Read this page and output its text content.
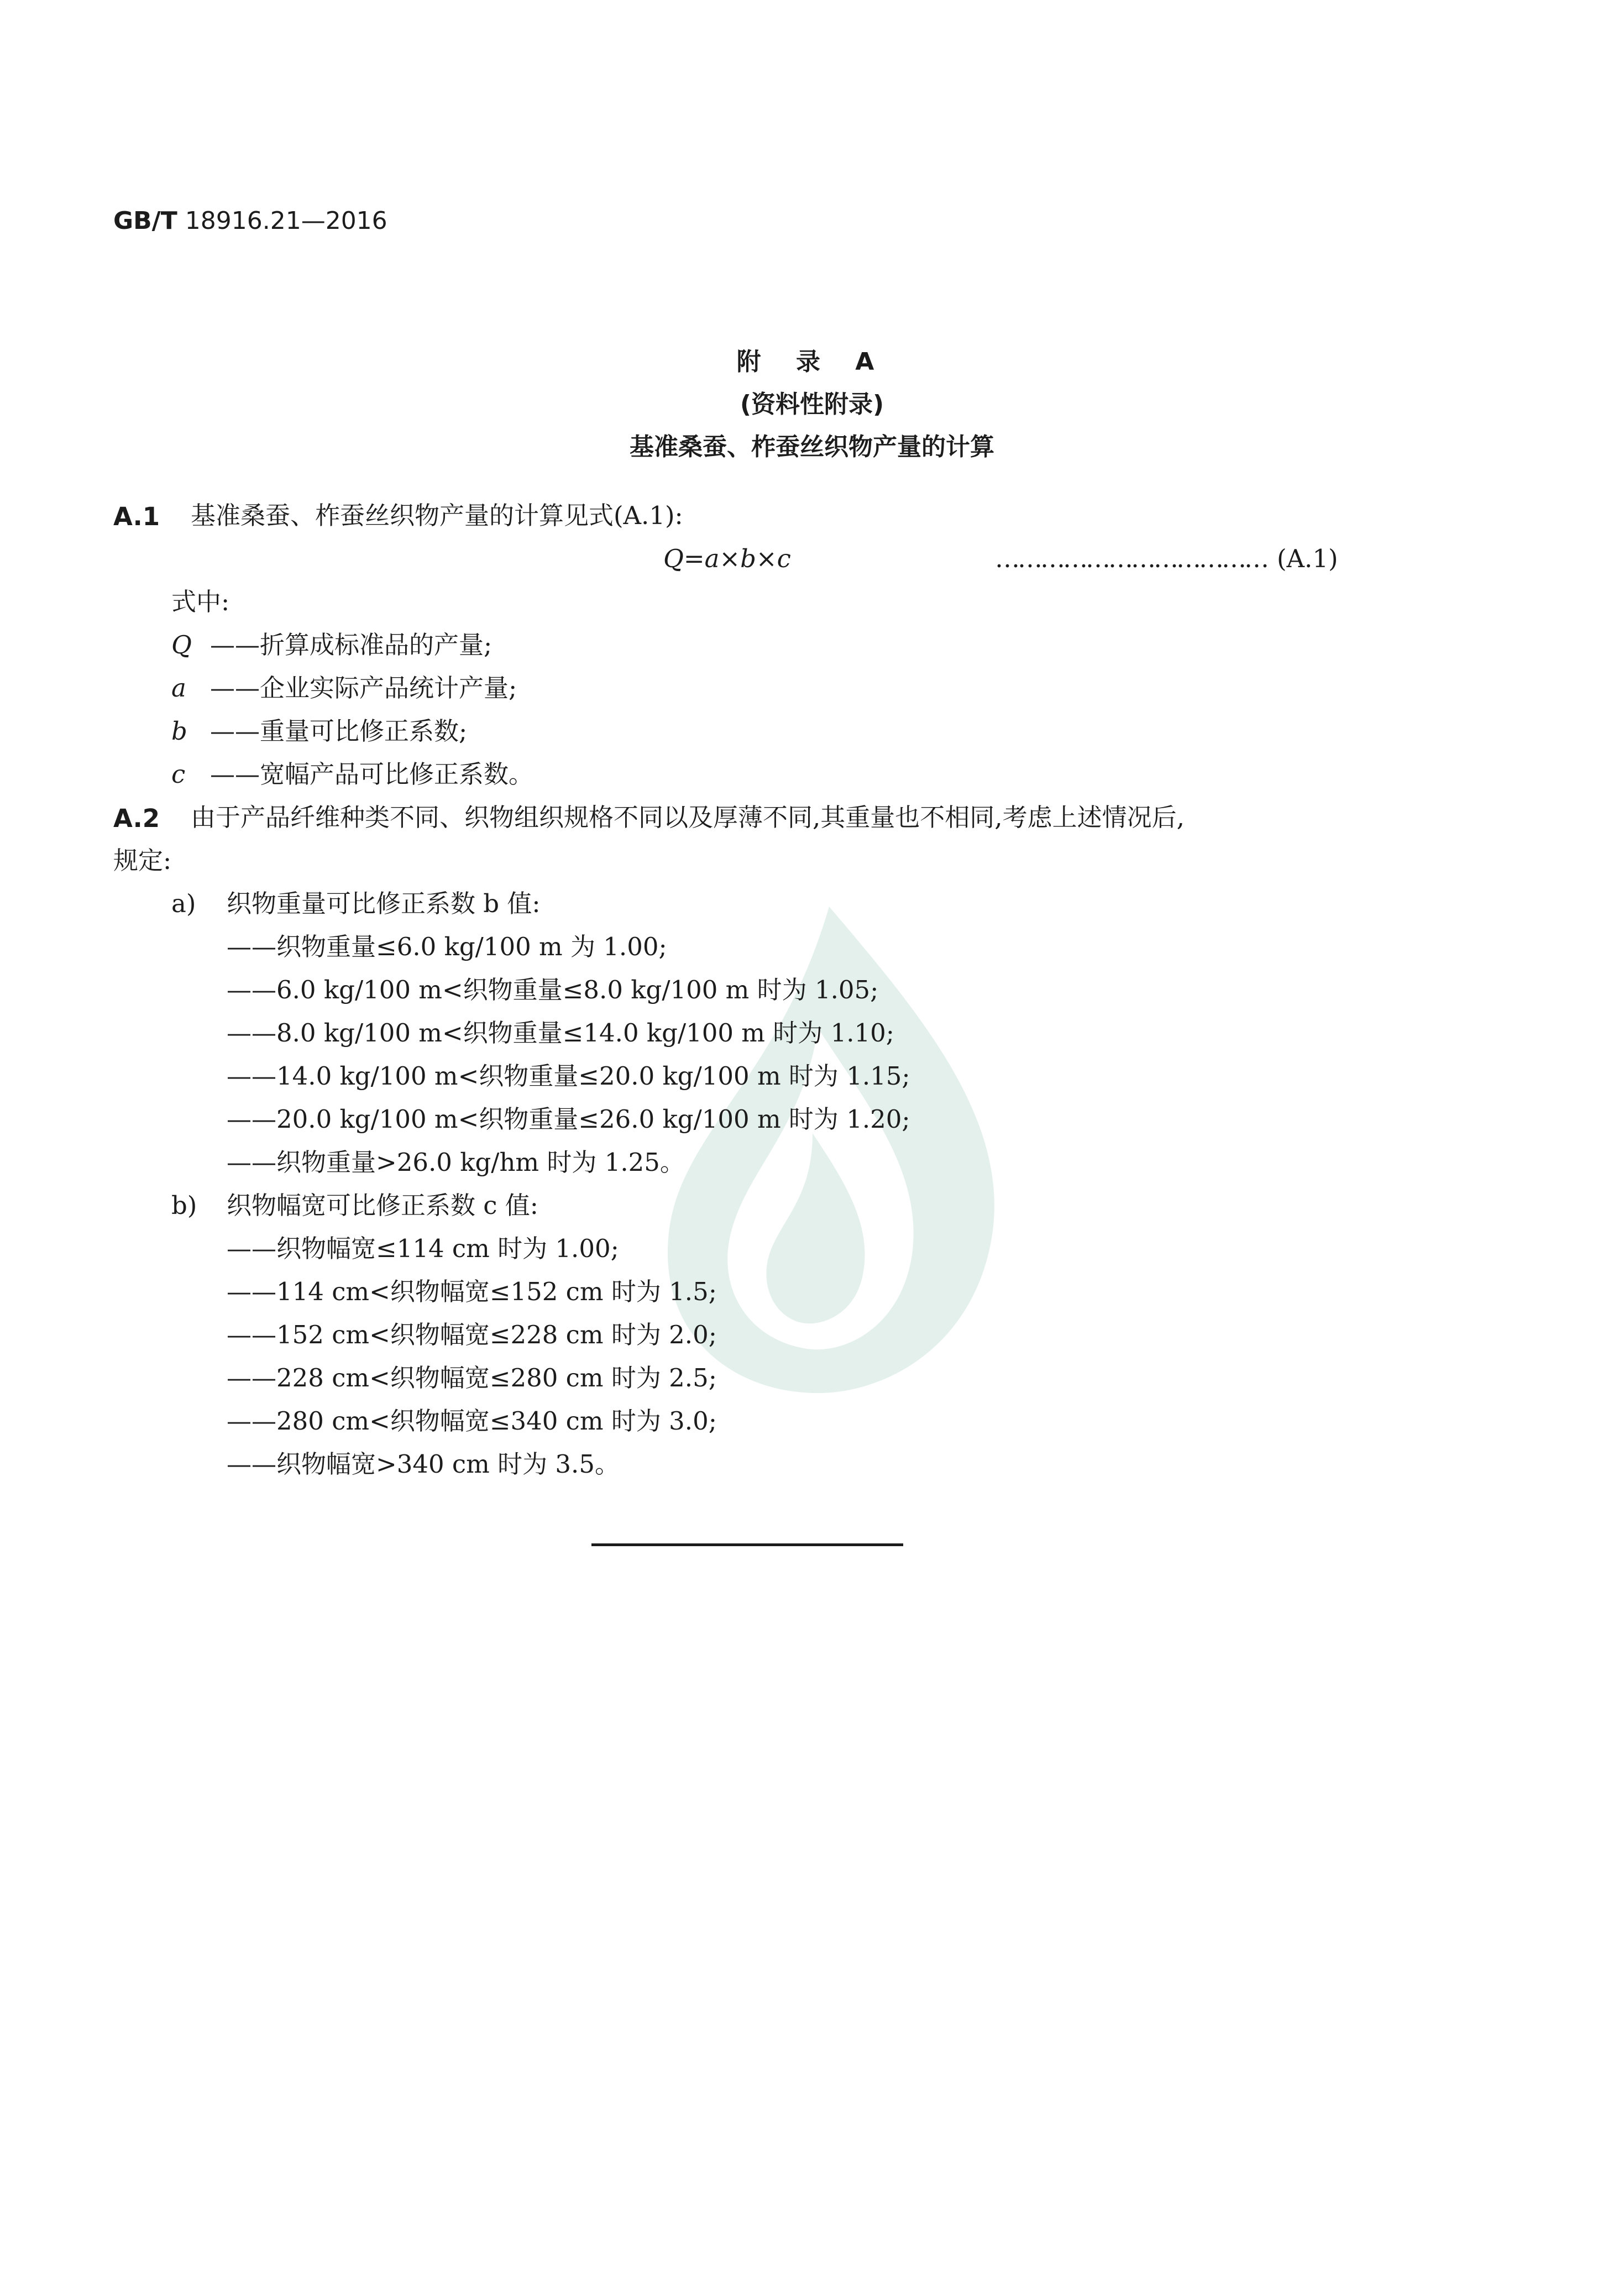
GB/T 18916.21—2016
附 录 A
(资料性附录)
基准桑蚕、柞蚕丝织物产量的计算
A.1 基准桑蚕、柞蚕丝织物产量的计算见式(A.1):
Q=a×b×c	……………………………… (A.1)
式中:
Q ——折算成标准品的产量;
a ——企业实际产品统计产量;
b ——重量可比修正系数;
c ——宽幅产品可比修正系数。
A.2 由于产品纤维种类不同、织物组织规格不同以及厚薄不同,其重量也不相同,考虑上述情况后,
规定:
a) 织物重量可比修正系数 b 值:
——织物重量≤6.0 kg/100 m 为 1.00;
——6.0 kg/100 m<织物重量≤8.0 kg/100 m 时为 1.05;
——8.0 kg/100 m<织物重量≤14.0 kg/100 m 时为 1.10;
——14.0 kg/100 m<织物重量≤20.0 kg/100 m 时为 1.15;
——20.0 kg/100 m<织物重量≤26.0 kg/100 m 时为 1.20;
——织物重量>26.0 kg/hm 时为 1.25。
b) 织物幅宽可比修正系数 c 值:
——织物幅宽≤114 cm 时为 1.00;
——114 cm<织物幅宽≤152 cm 时为 1.5;
——152 cm<织物幅宽≤228 cm 时为 2.0;
——228 cm<织物幅宽≤280 cm 时为 2.5;
——280 cm<织物幅宽≤340 cm 时为 3.0;
——织物幅宽>340 cm 时为 3.5。
